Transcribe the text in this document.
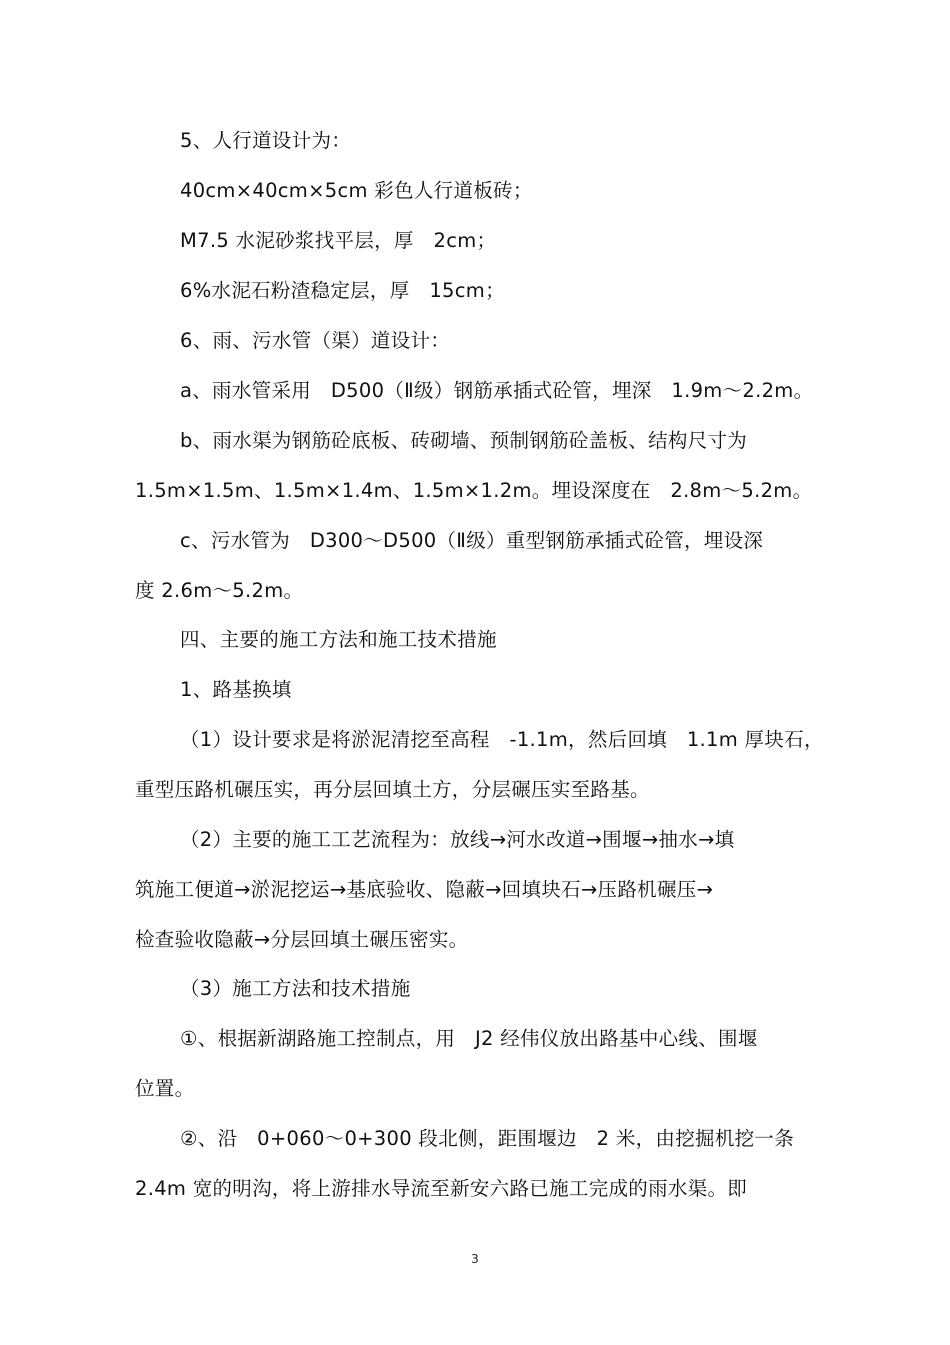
5、人行道设计为：
40cm×40cm×5cm 彩色人行道板砖；
M7.5 水泥砂浆找平层，厚　2cm；
6%水泥石粉渣稳定层，厚　15cm；
6、雨、污水管（渠）道设计：
a、雨水管采用　D500（Ⅱ级）钢筋承插式砼管，埋深　1.9m～2.2m。
b、雨水渠为钢筋砼底板、砖砌墙、预制钢筋砼盖板、结构尺寸为
1.5m×1.5m、1.5m×1.4m、1.5m×1.2m。埋设深度在　2.8m～5.2m。
c、污水管为　D300～D500（Ⅱ级）重型钢筋承插式砼管，埋设深
度 2.6m～5.2m。
四、主要的施工方法和施工技术措施
1、路基换填
（1）设计要求是将淤泥清挖至高程　-1.1m，然后回填　1.1m 厚块石，
重型压路机碾压实，再分层回填土方，分层碾压实至路基。
（2）主要的施工工艺流程为：放线→河水改道→围堰→抽水→填
筑施工便道→淤泥挖运→基底验收、隐蔽→回填块石→压路机碾压→
检查验收隐蔽→分层回填土碾压密实。
（3）施工方法和技术措施
①、根据新湖路施工控制点，用　J2 经伟仪放出路基中心线、围堰
位置。
②、沿　0+060～0+300 段北侧，距围堰边　2 米，由挖掘机挖一条
2.4m 宽的明沟，将上游排水导流至新安六路已施工完成的雨水渠。即
3
